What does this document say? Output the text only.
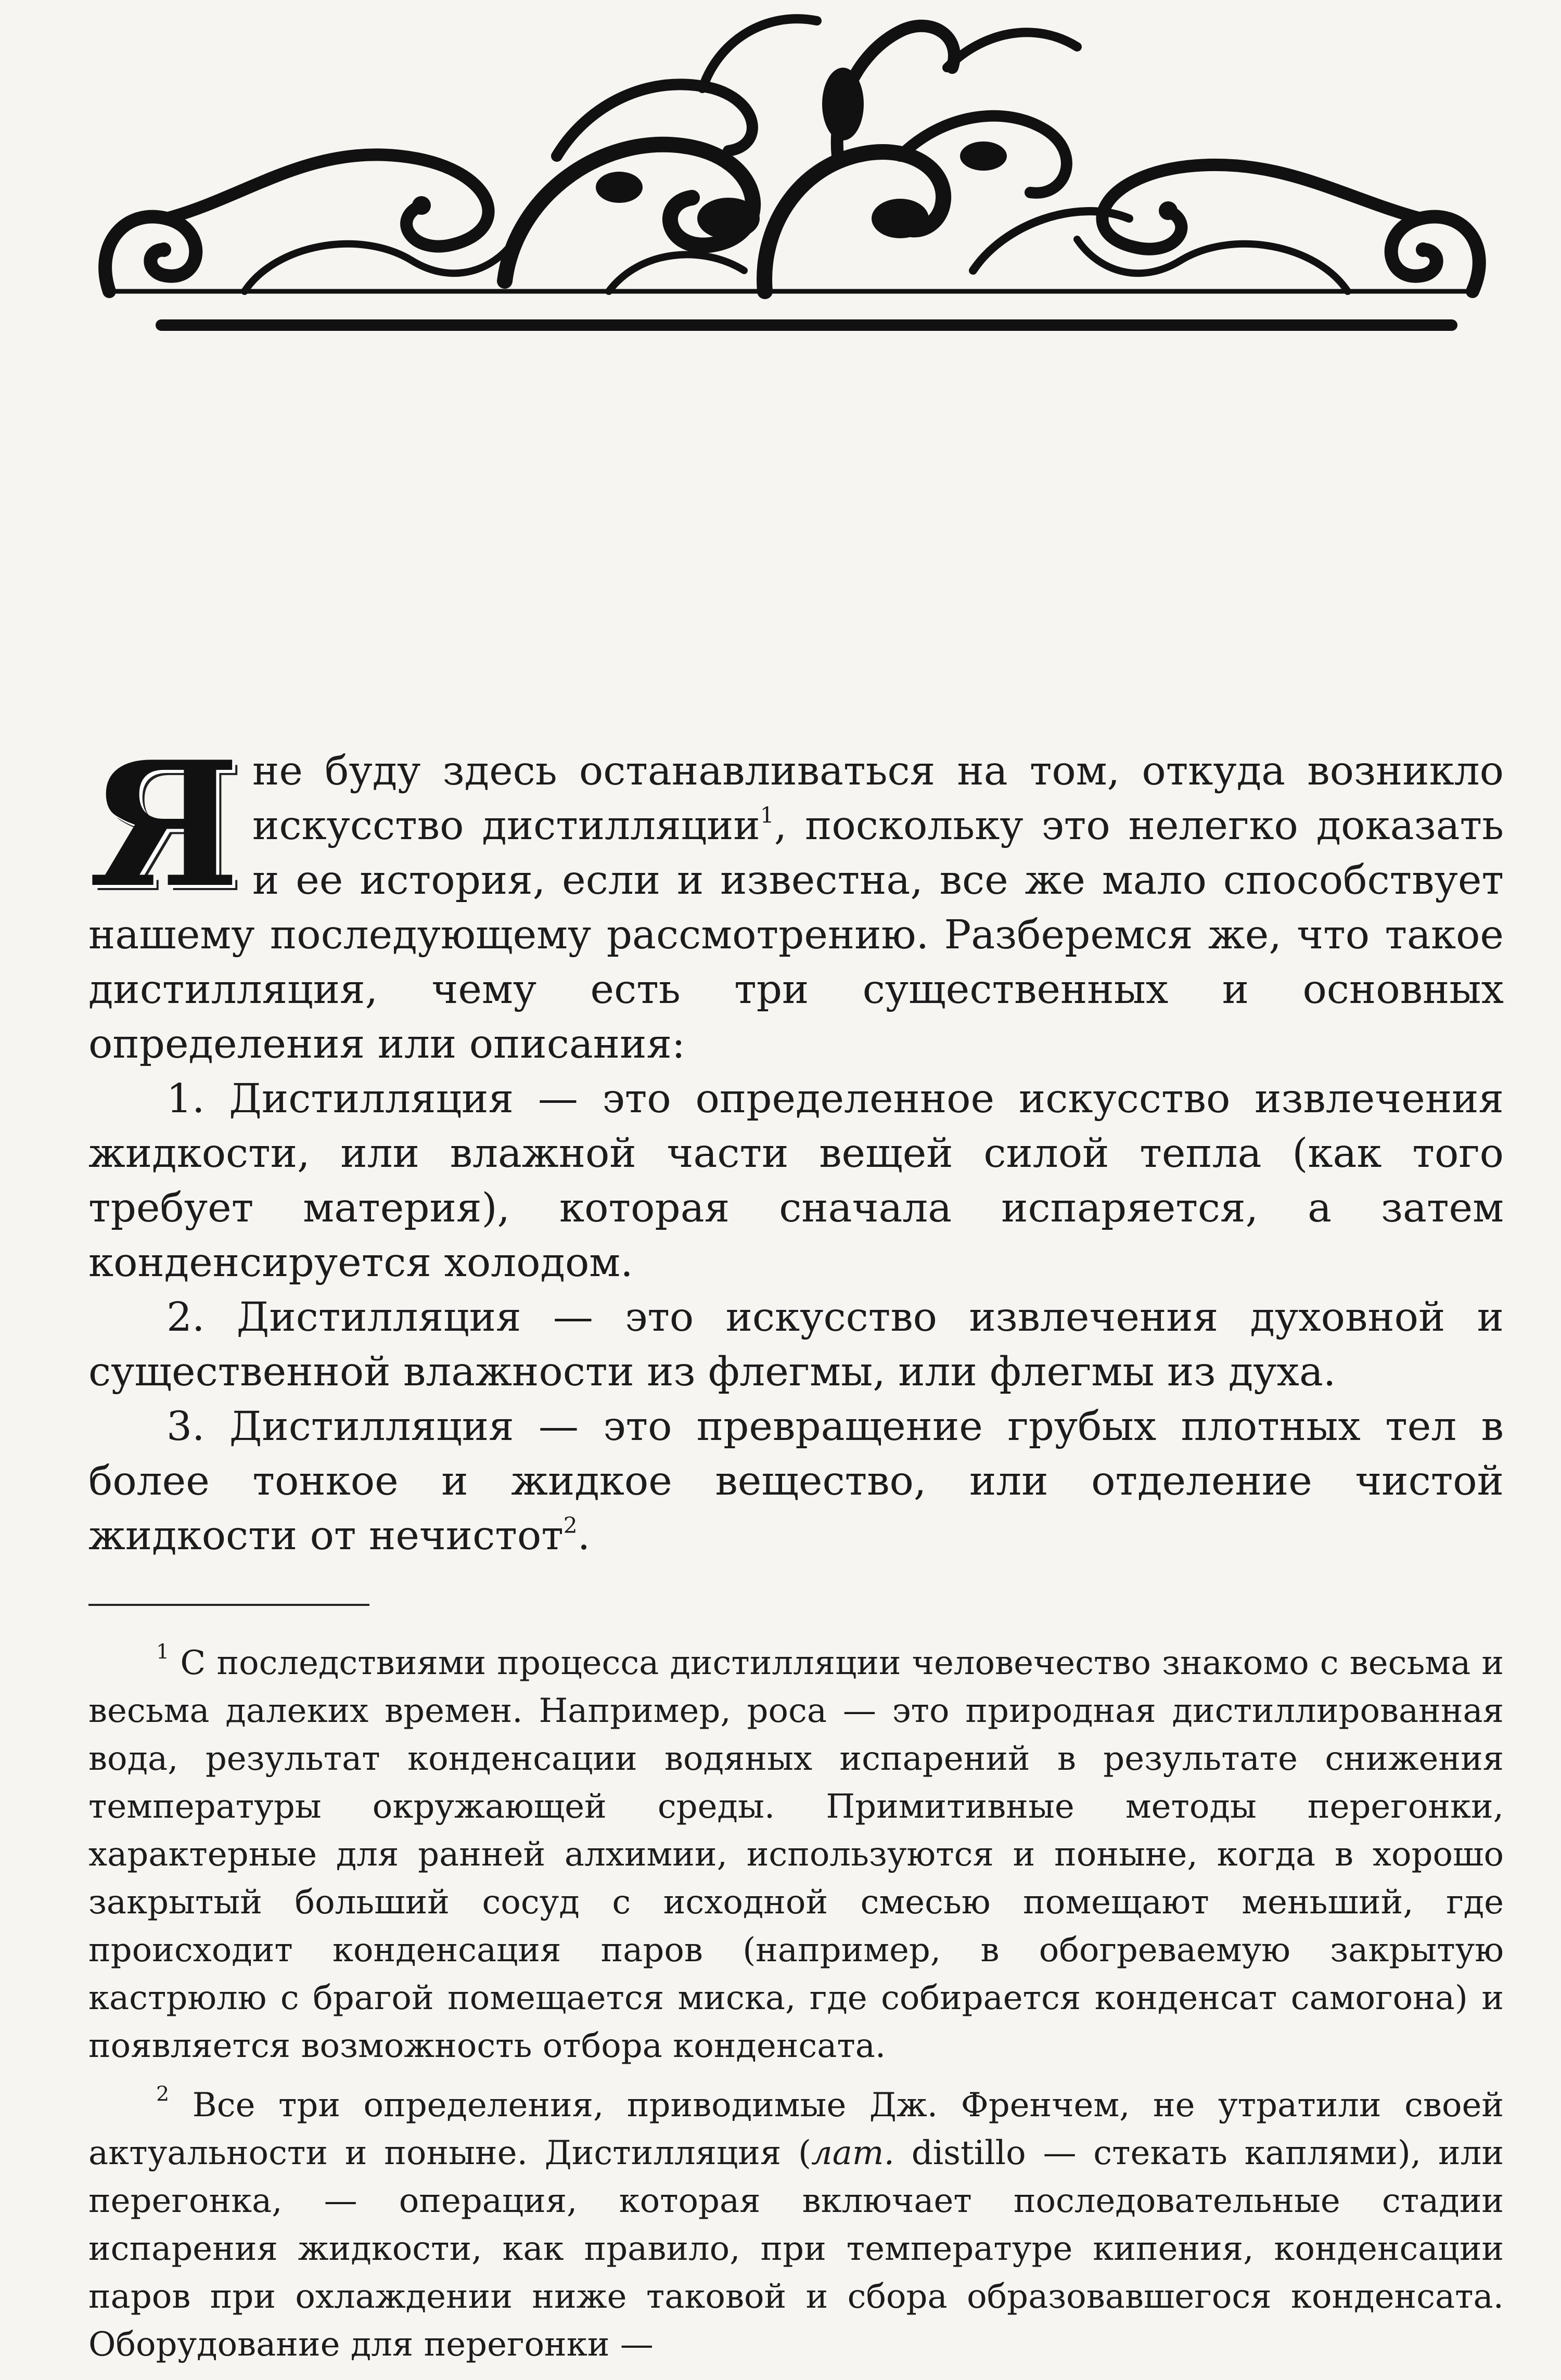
Я не буду здесь останавливаться на том, откуда возникло искусство дистилляции$^1$, поскольку это нелегко доказать и ее история, если и известна, все же мало способствует нашему последующему рассмотрению. Разберемся же, что такое дистилляция, чему есть три существенных и основных определения или описания:

1. Дистилляция — это определенное искусство извлечения жидкости, или влажной части вещей силой тепла (как того требует материя), которая сначала испаряется, а затем конденсируется холодом.

2. Дистилляция — это искусство извлечения духовной и существенной влажности из флегмы, или флегмы из духа.

3. Дистилляция — это превращение грубых плотных тел в более тонкое и жидкое вещество, или отделение чистой жидкости от нечистот$^2$.

$^1$ С последствиями процесса дистилляции человечество знакомо с весьма и весьма далеких времен. Например, роса — это природная дистиллированная вода, результат конденсации водяных испарений в результате снижения температуры окружающей среды. Примитивные методы перегонки, характерные для ранней алхимии, используются и поныне, когда в хорошо закрытый больший сосуд с исходной смесью помещают меньший, где происходит конденсация паров (например, в обогреваемую закрытую кастрюлю с брагой помещается миска, где собирается конденсат самогона) и появляется возможность отбора конденсата.

$^2$ Все три определения, приводимые Дж. Френчем, не утратили своей актуальности и поныне. Дистилляция (лат. distillo — стекать каплями), или перегонка, — операция, которая включает последовательные стадии испарения жидкости, как правило, при температуре кипения, конденсации паров при охлаждении ниже таковой и сбора образовавшегося конденсата. Оборудование для перегонки —
